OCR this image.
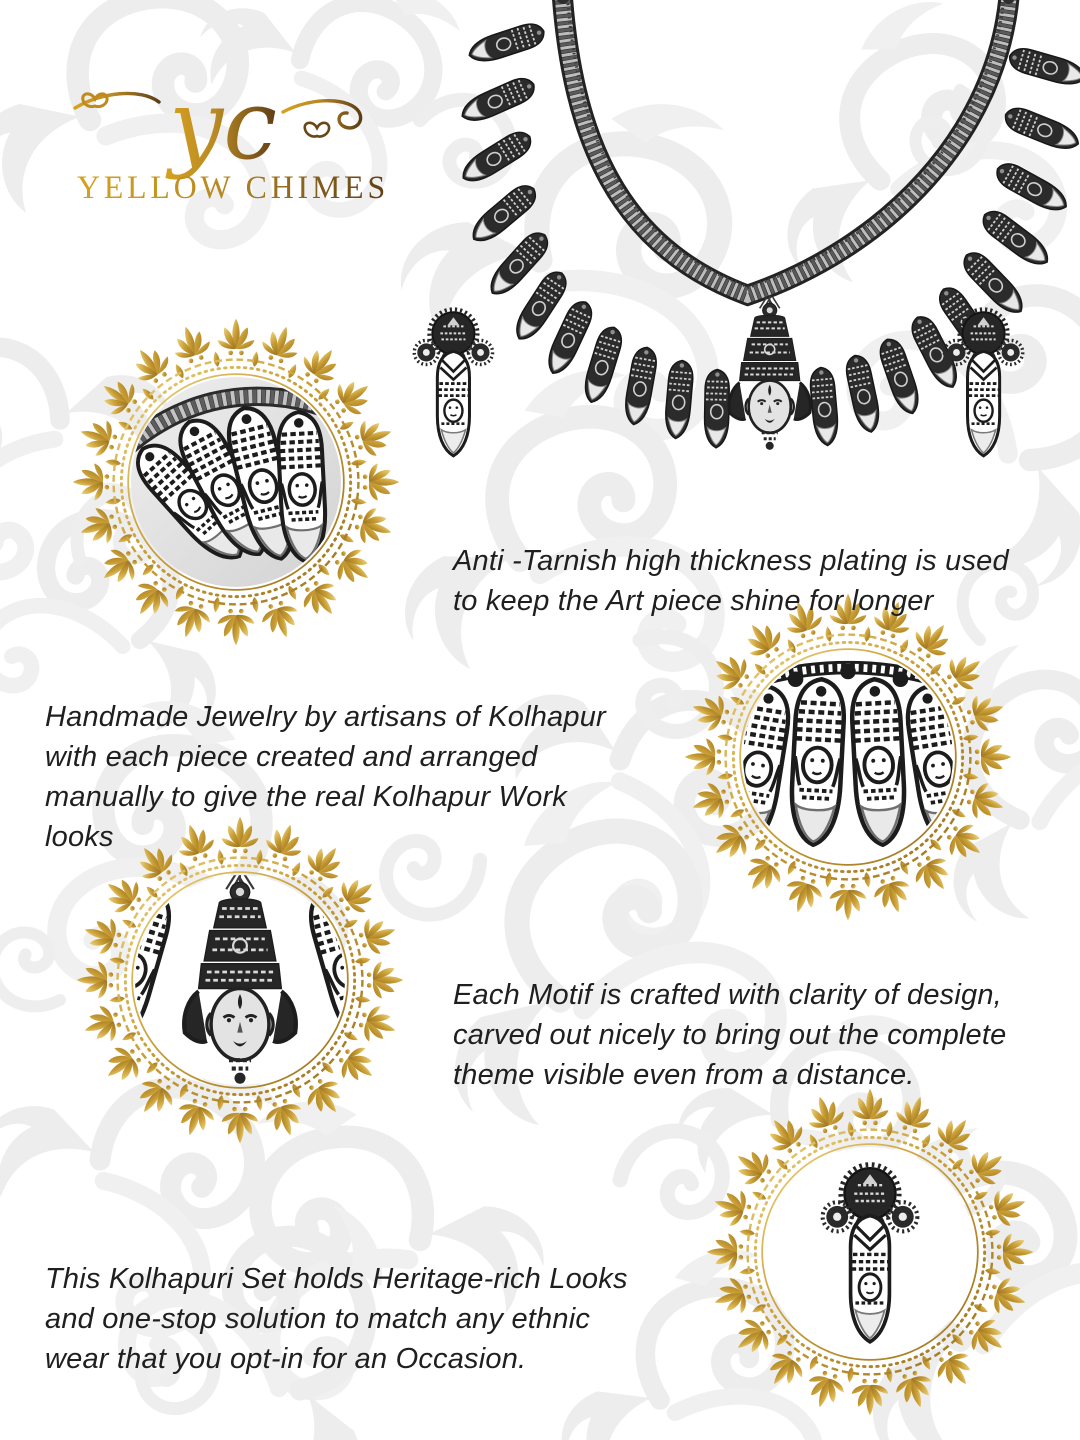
yc
YELLOW CHIMES

Anti -Tarnish high thickness plating is used to keep the Art piece shine for longer

Handmade Jewelry by artisans of Kolhapur with each piece created and arranged manually to give the real Kolhapur Work looks

Each Motif is crafted with clarity of design, carved out nicely to bring out the complete theme visible even from a distance.

This Kolhapuri Set holds Heritage-rich Looks and one-stop solution to match any ethnic wear that you opt-in for an Occasion.
